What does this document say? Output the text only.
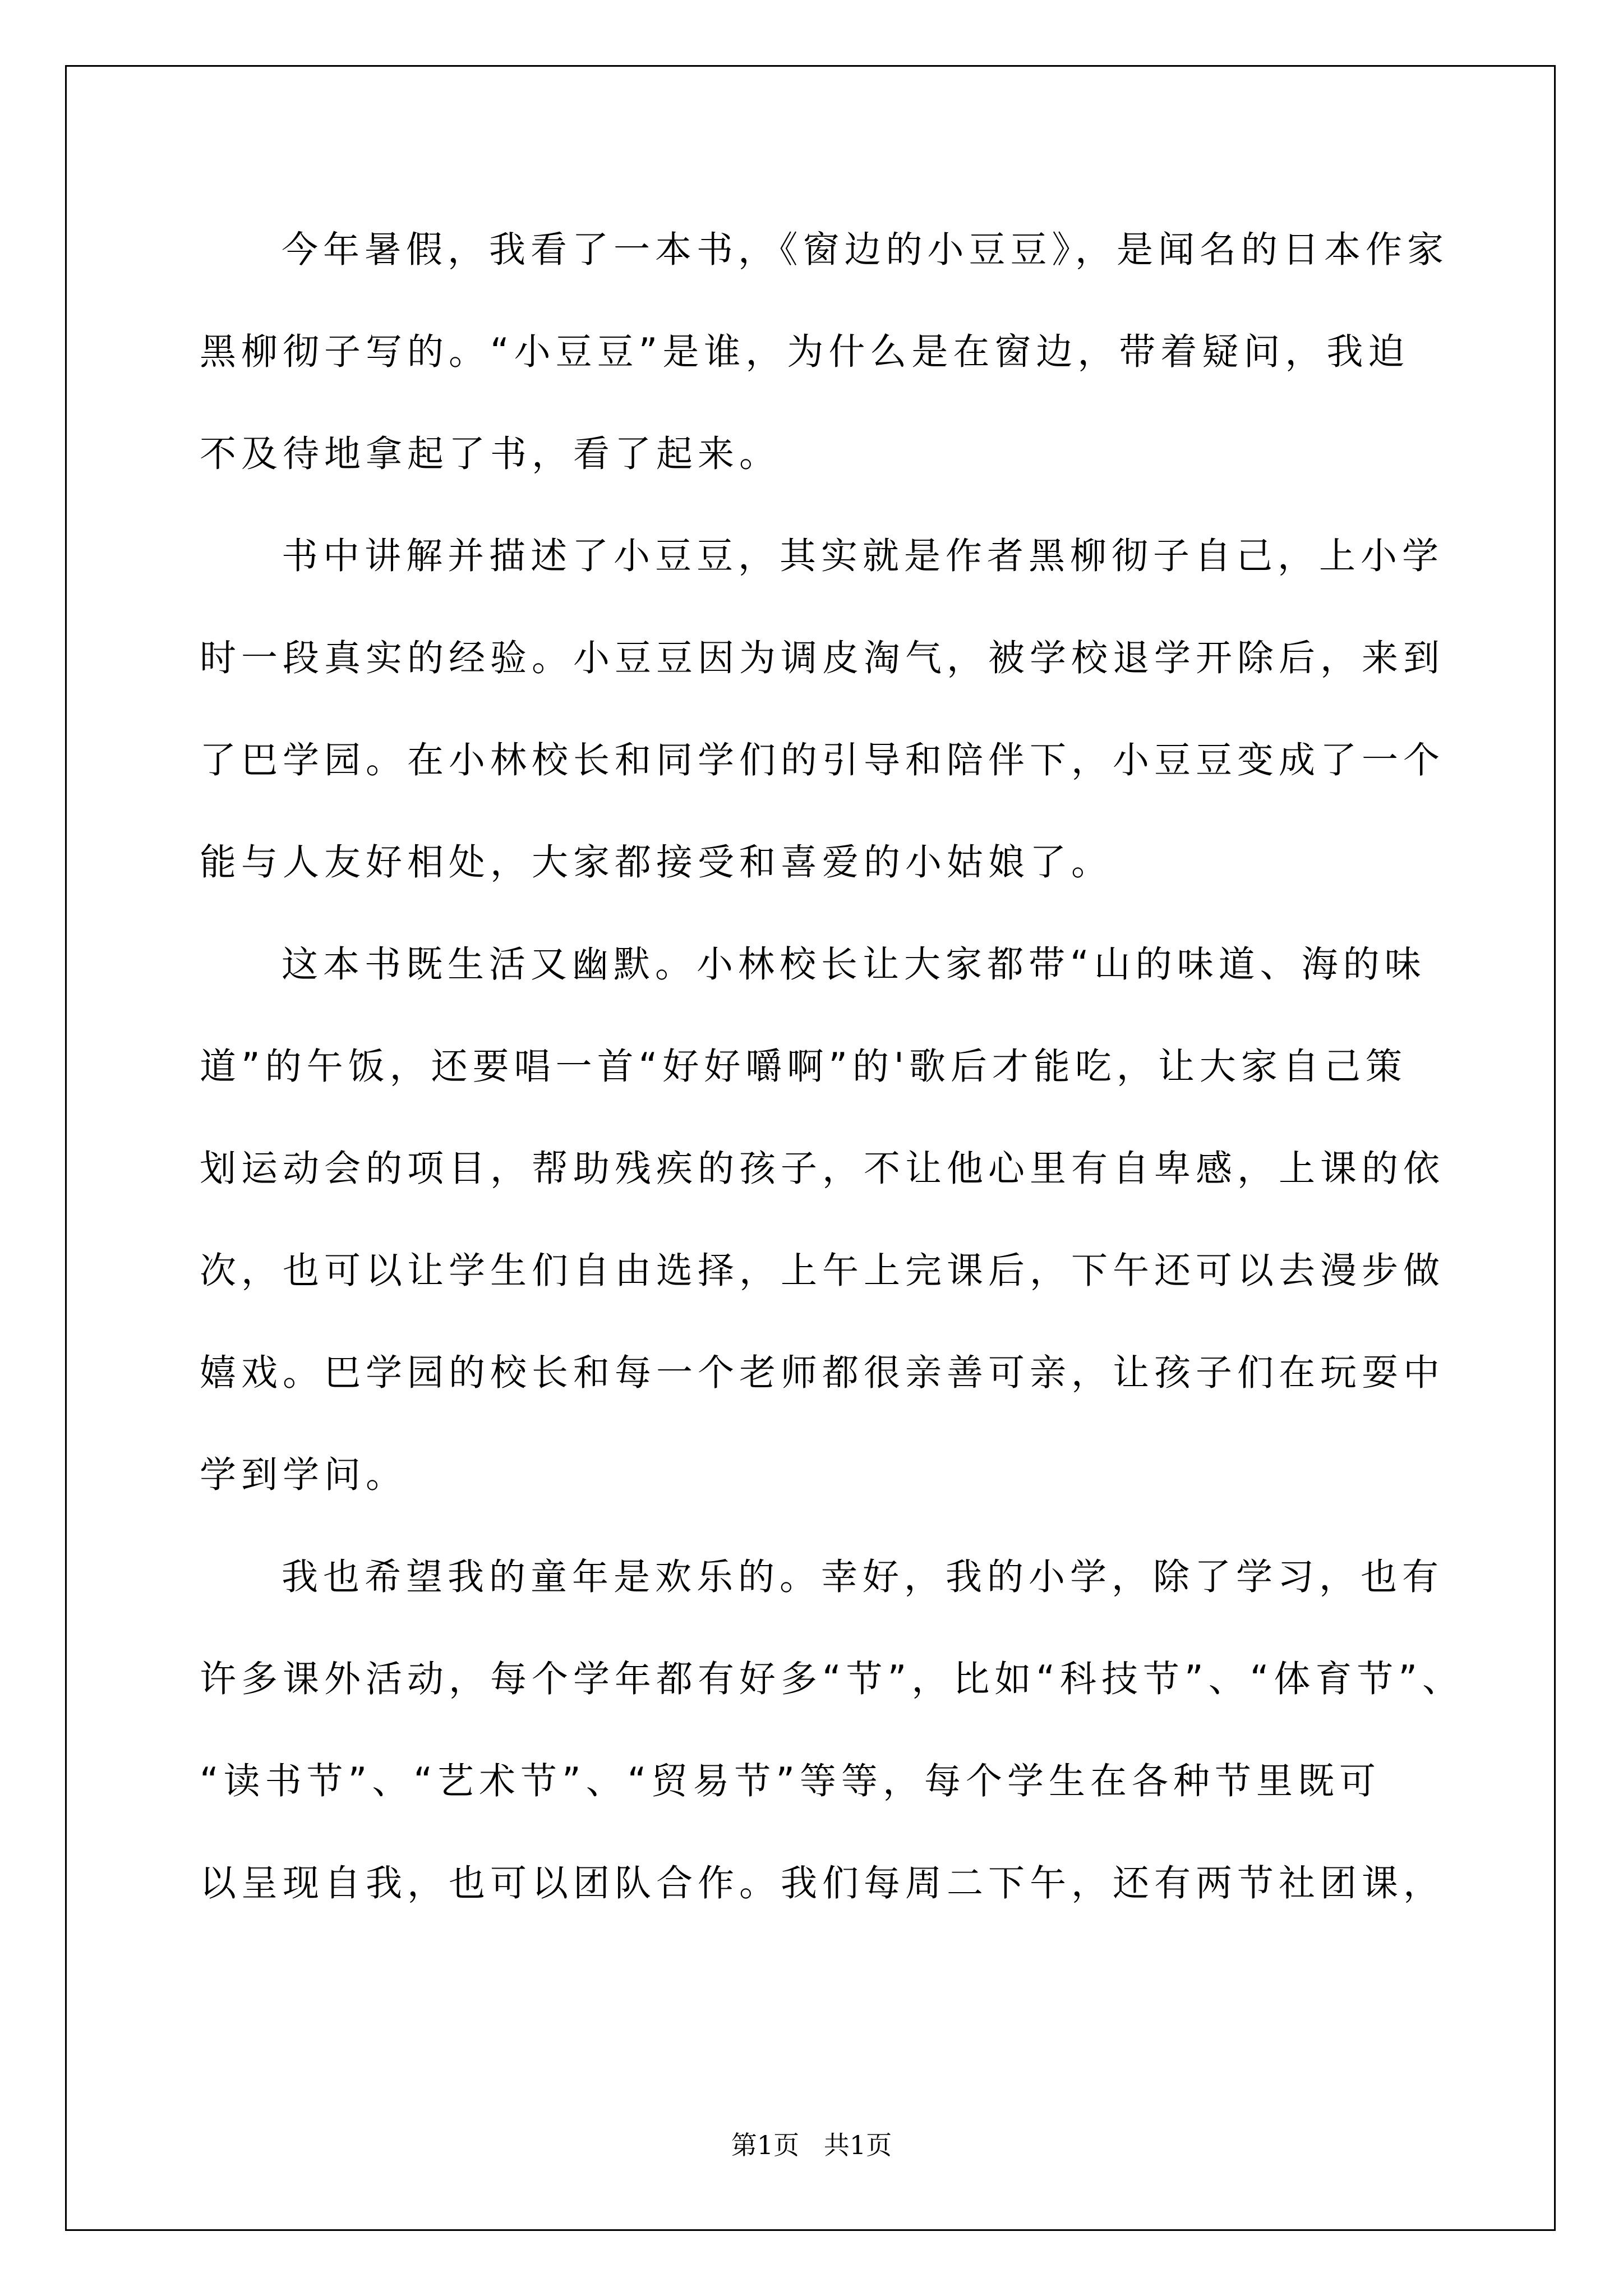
今年暑假，我看了一本书，《窗边的小豆豆》，是闻名的日本作家
黑柳彻子写的。“小豆豆”是谁，为什么是在窗边，带着疑问，我迫
不及待地拿起了书，看了起来。
书中讲解并描述了小豆豆，其实就是作者黑柳彻子自己，上小学
时一段真实的经验。小豆豆因为调皮淘气，被学校退学开除后，来到
了巴学园。在小林校长和同学们的引导和陪伴下，小豆豆变成了一个
能与人友好相处，大家都接受和喜爱的小姑娘了。
这本书既生活又幽默。小林校长让大家都带“山的味道、海的味
道”的午饭，还要唱一首“好好嚼啊”的'歌后才能吃，让大家自己策
划运动会的项目，帮助残疾的孩子，不让他心里有自卑感，上课的依
次，也可以让学生们自由选择，上午上完课后，下午还可以去漫步做
嬉戏。巴学园的校长和每一个老师都很亲善可亲，让孩子们在玩耍中
学到学问。
我也希望我的童年是欢乐的。幸好，我的小学，除了学习，也有
许多课外活动，每个学年都有好多“节”，比如“科技节”、“体育节”、
“读书节”、“艺术节”、“贸易节”等等，每个学生在各种节里既可
以呈现自我，也可以团队合作。我们每周二下午，还有两节社团课，
第1页   共1页
